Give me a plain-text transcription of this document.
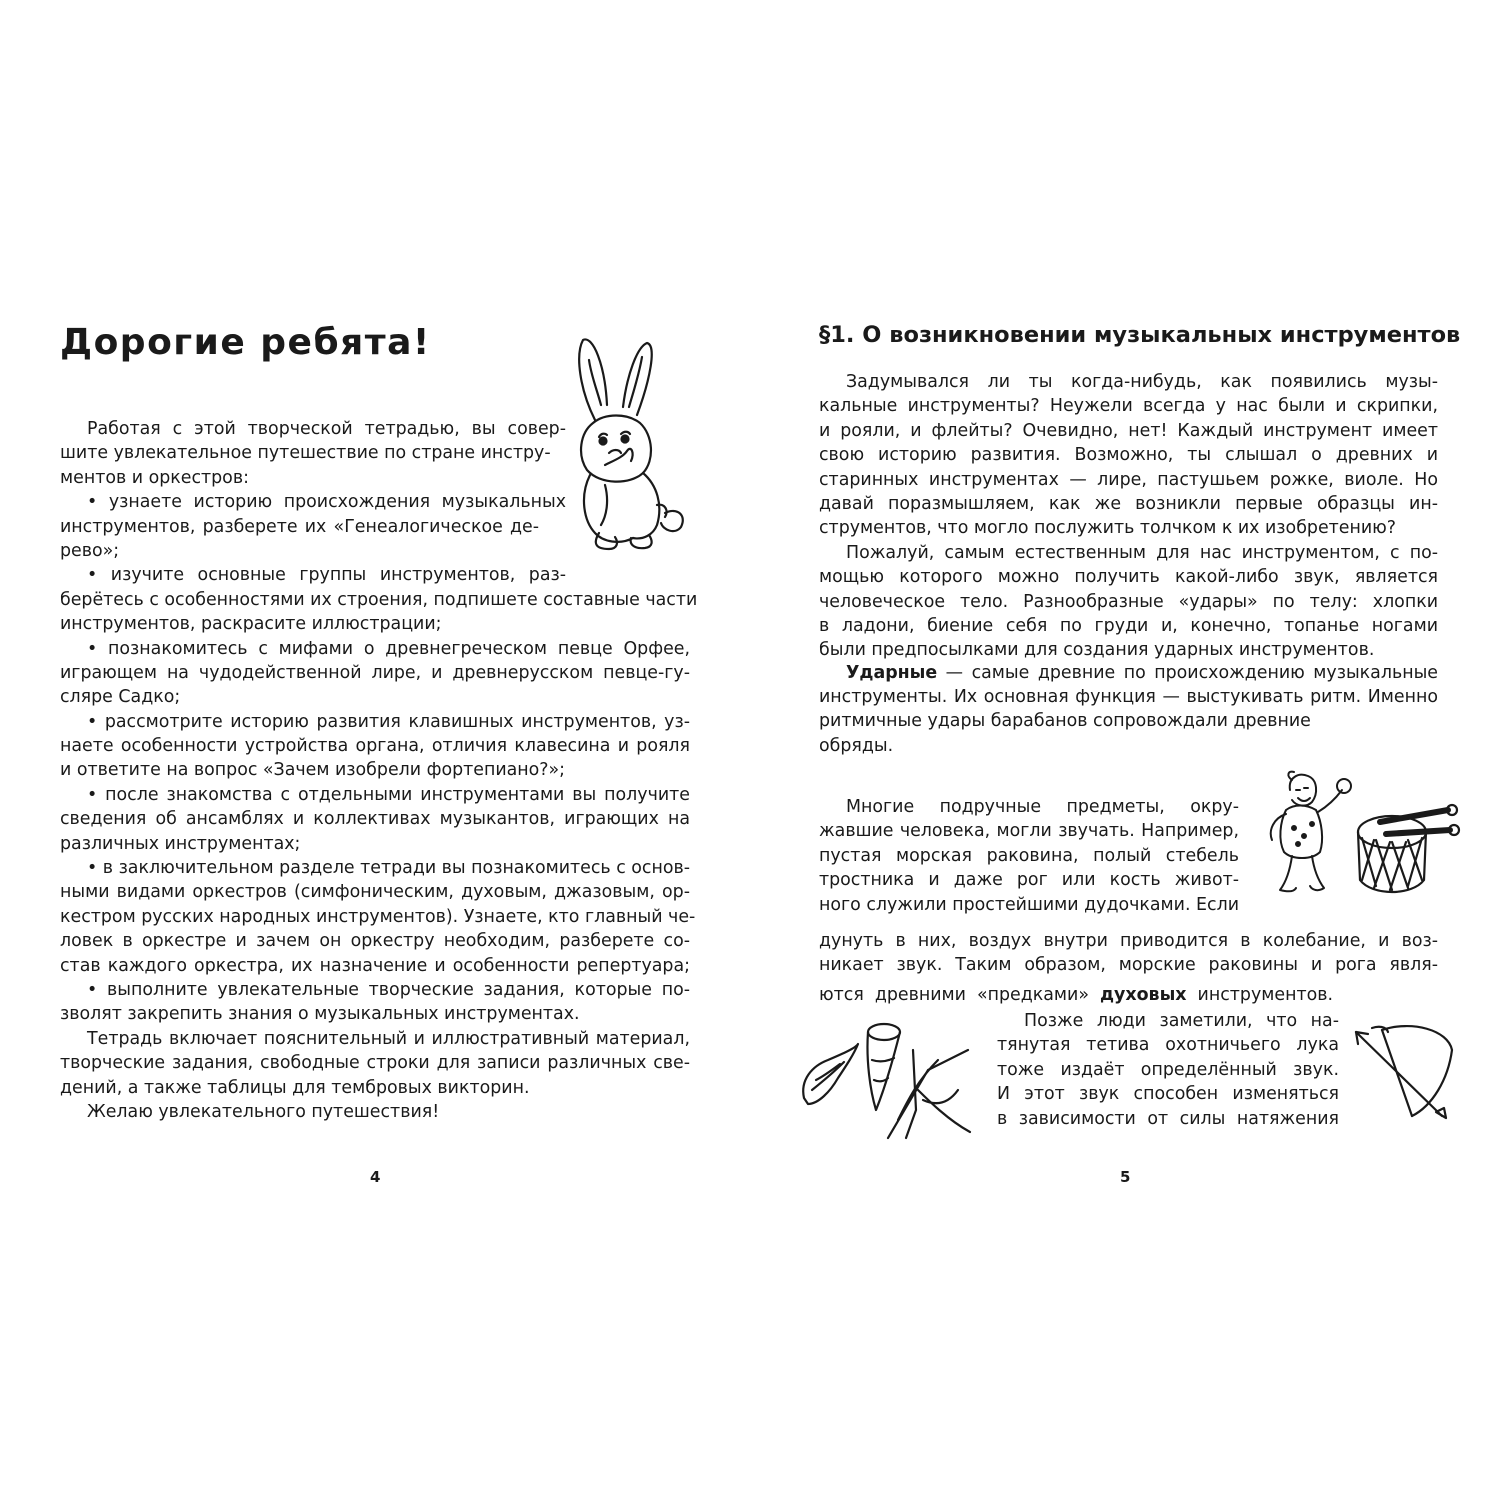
Дорогие ребята!
Работая с этой творческой тетрадью, вы совер-
шите увлекательное путешествие по стране инстру-
ментов и оркестров:
• узнаете историю происхождения музыкальных
инструментов, разберете их «Генеалогическое де-
рево»;
• изучите основные группы инструментов, раз-
берётесь с особенностями их строения, подпишете составные части
инструментов, раскрасите иллюстрации;
• познакомитесь с мифами о древнегреческом певце Орфее,
играющем на чудодейственной лире, и древнерусском певце-гу-
сляре Садко;
• рассмотрите историю развития клавишных инструментов, уз-
наете особенности устройства органа, отличия клавесина и рояля
и ответите на вопрос «Зачем изобрели фортепиано?»;
• после знакомства с отдельными инструментами вы получите
сведения об ансамблях и коллективах музыкантов, играющих на
различных инструментах;
• в заключительном разделе тетради вы познакомитесь с основ-
ными видами оркестров (симфоническим, духовым, джазовым, ор-
кестром русских народных инструментов). Узнаете, кто главный че-
ловек в оркестре и зачем он оркестру необходим, разберете со-
став каждого оркестра, их назначение и особенности репертуара;
• выполните увлекательные творческие задания, которые по-
зволят закрепить знания о музыкальных инструментах.
Тетрадь включает пояснительный и иллюстративный материал,
творческие задания, свободные строки для записи различных све-
дений, а также таблицы для тембровых викторин.
Желаю увлекательного путешествия!
4
§1. О возникновении музыкальных инструментов
Задумывался ли ты когда-нибудь, как появились музы-
кальные инструменты? Неужели всегда у нас были и скрипки,
и рояли, и флейты? Очевидно, нет! Каждый инструмент имеет
свою историю развития. Возможно, ты слышал о древних и
старинных инструментах — лире, пастушьем рожке, виоле. Но
давай поразмышляем, как же возникли первые образцы ин-
струментов, что могло послужить толчком к их изобретению?
Пожалуй, самым естественным для нас инструментом, с по-
мощью которого можно получить какой-либо звук, является
человеческое тело. Разнообразные «удары» по телу: хлопки
в ладони, биение себя по груди и, конечно, топанье ногами
были предпосылками для создания ударных инструментов.
Ударные — самые древние по происхождению музыкальные
инструменты. Их основная функция — выстукивать ритм. Именно
ритмичные удары барабанов сопровождали древние
обряды.
Многие подручные предметы, окру-
жавшие человека, могли звучать. Например,
пустая морская раковина, полый стебель
тростника и даже рог или кость живот-
ного служили простейшими дудочками. Если
дунуть в них, воздух внутри приводится в колебание, и воз-
никает звук. Таким образом, морские раковины и рога явля-
ются древними «предками» духовых инструментов.
Позже люди заметили, что на-
тянутая тетива охотничьего лука
тоже издаёт определённый звук.
И этот звук способен изменяться
в зависимости от силы натяжения
5
